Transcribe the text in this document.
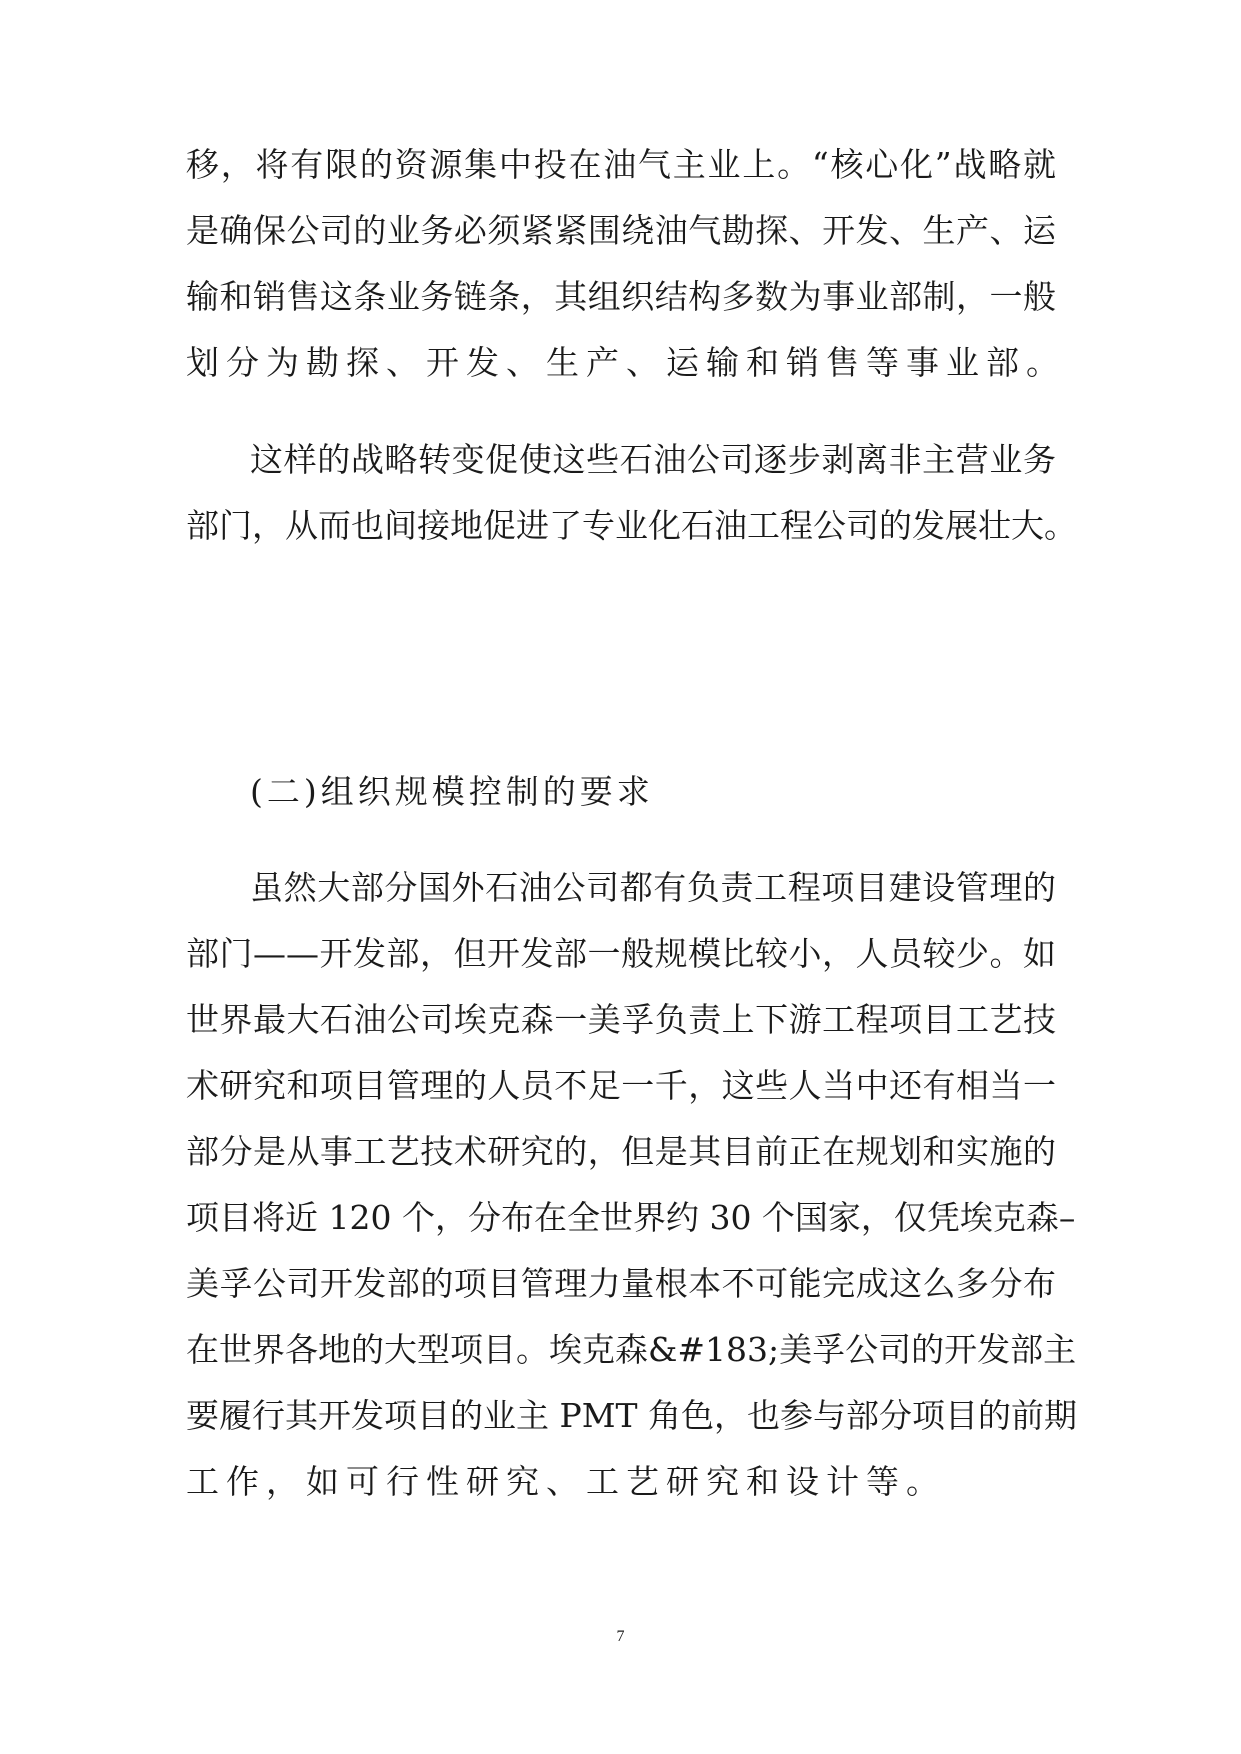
移，将有限的资源集中投在油气主业上。“核心化”战略就
是确保公司的业务必须紧紧围绕油气勘探、开发、生产、运
输和销售这条业务链条，其组织结构多数为事业部制，一般
划分为勘探、开发、生产、运输和销售等事业部。
这样的战略转变促使这些石油公司逐步剥离非主营业务
部门，从而也间接地促进了专业化石油工程公司的发展壮大。
(二)组织规模控制的要求
虽然大部分国外石油公司都有负责工程项目建设管理的
部门——开发部，但开发部一般规模比较小，人员较少。如
世界最大石油公司埃克森一美孚负责上下游工程项目工艺技
术研究和项目管理的人员不足一千，这些人当中还有相当一
部分是从事工艺技术研究的，但是其目前正在规划和实施的
项目将近 120 个，分布在全世界约 30 个国家，仅凭埃克森–
美孚公司开发部的项目管理力量根本不可能完成这么多分布
在世界各地的大型项目。埃克森&#183;美孚公司的开发部主
要履行其开发项目的业主 PMT 角色，也参与部分项目的前期
工作，如可行性研究、工艺研究和设计等。
7
